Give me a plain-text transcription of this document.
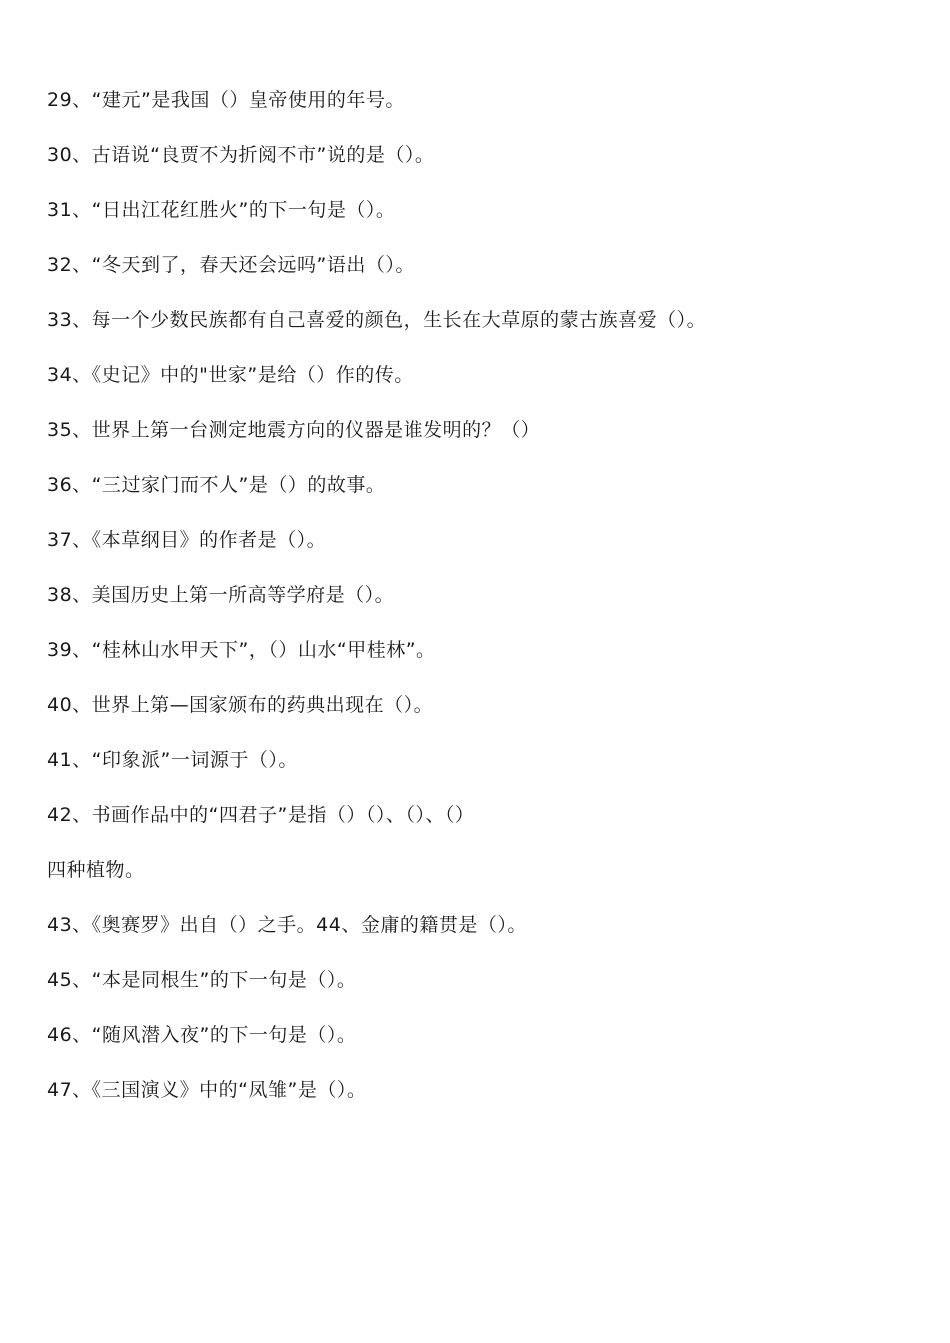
29、“建元”是我国（）皇帝使用的年号。
30、古语说“良贾不为折阅不市”说的是（）。
31、“日出江花红胜火”的下一句是（）。
32、“冬天到了，春天还会远吗”语出（）。
33、每一个少数民族都有自己喜爱的颜色，生长在大草原的蒙古族喜爱（）。
34、《史记》中的"世家”是给（）作的传。
35、世界上第一台测定地震方向的仪器是谁发明的？（）
36、“三过家门而不人”是（）的故事。
37、《本草纲目》的作者是（）。
38、美国历史上第一所高等学府是（）。
39、“桂林山水甲天下”，（）山水“甲桂林”。
40、世界上第—国家颁布的药典出现在（）。
41、“印象派”一词源于（）。
42、书画作品中的“四君子”是指（）（）、（）、（）
四种植物。
43、《奥赛罗》出自（）之手。44、金庸的籍贯是（）。
45、“本是同根生”的下一句是（）。
46、“随风潜入夜”的下一句是（）。
47、《三国演义》中的“凤雏”是（）。
